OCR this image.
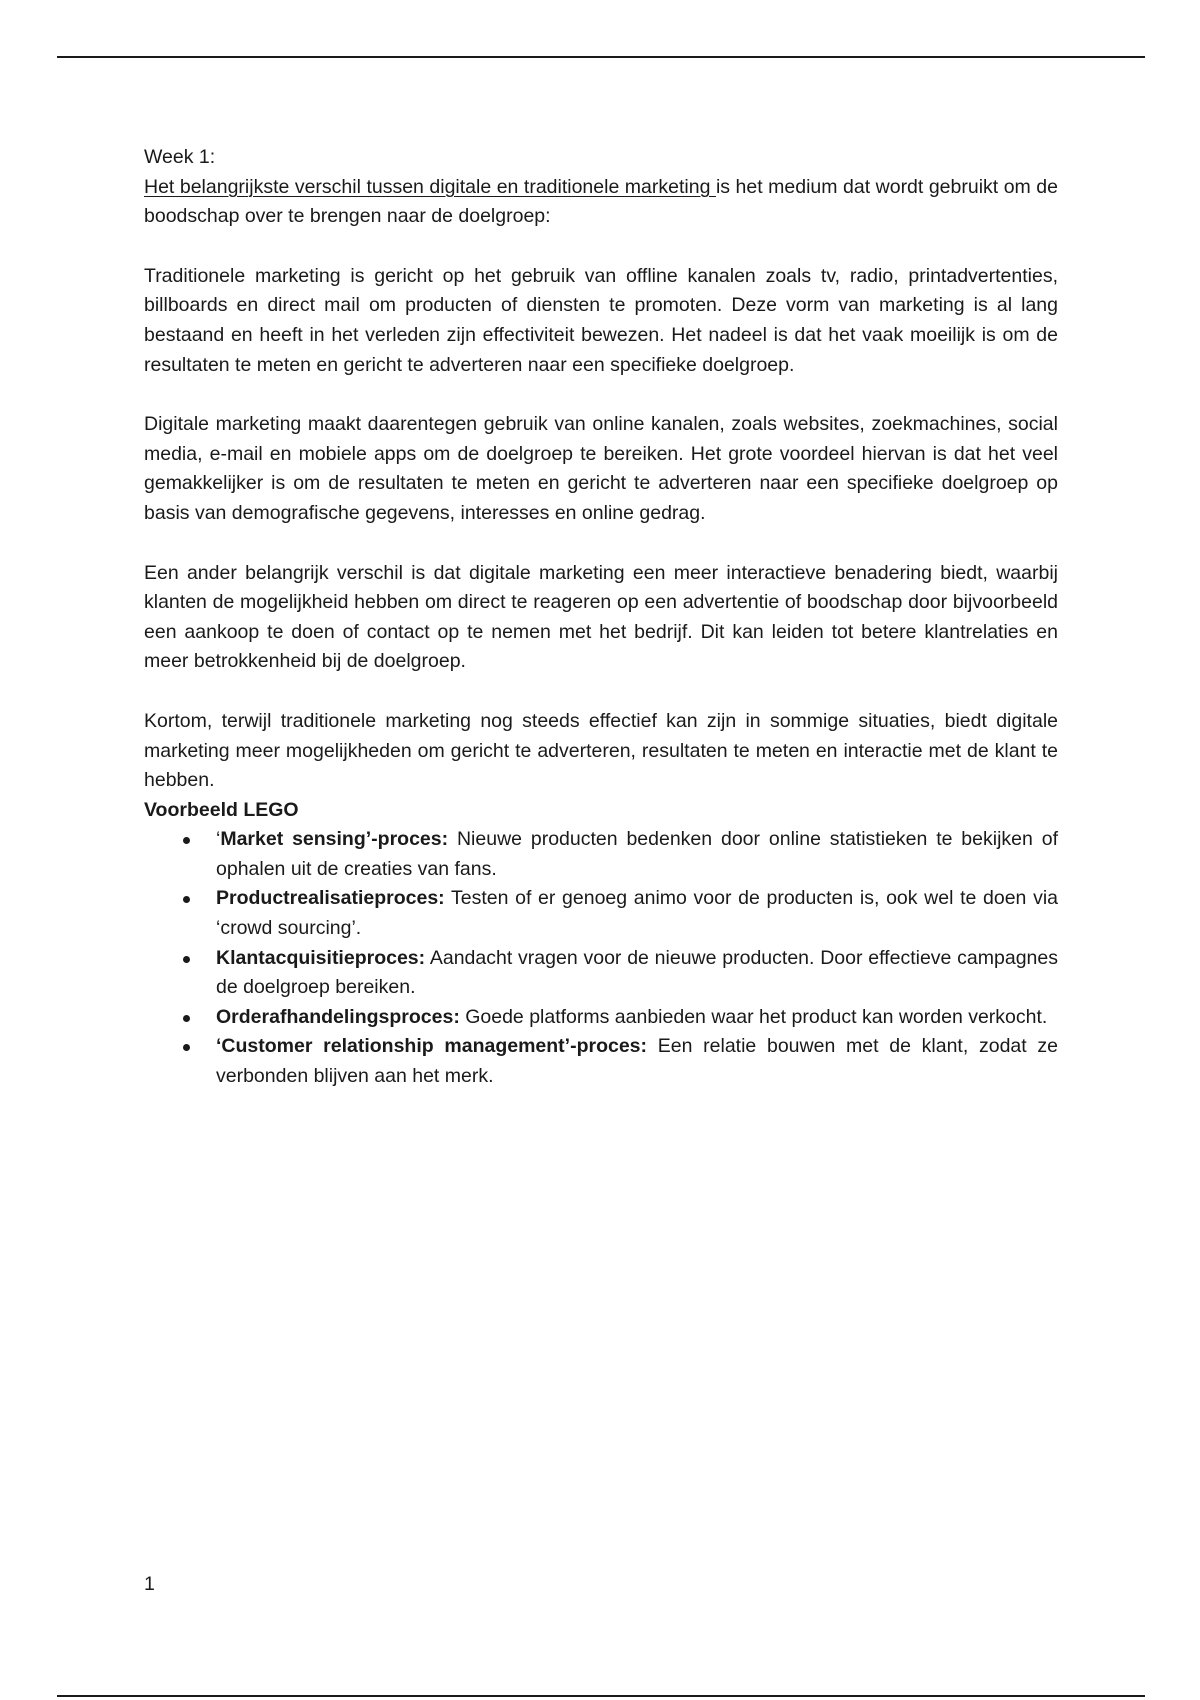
Week 1:

Het belangrijkste verschil tussen digitale en traditionele marketing is het medium dat wordt gebruikt om de boodschap over te brengen naar de doelgroep:

Traditionele marketing is gericht op het gebruik van offline kanalen zoals tv, radio, printadvertenties, billboards en direct mail om producten of diensten te promoten. Deze vorm van marketing is al lang bestaand en heeft in het verleden zijn effectiviteit bewezen. Het nadeel is dat het vaak moeilijk is om de resultaten te meten en gericht te adverteren naar een specifieke doelgroep.

Digitale marketing maakt daarentegen gebruik van online kanalen, zoals websites, zoekmachines, social media, e-mail en mobiele apps om de doelgroep te bereiken. Het grote voordeel hiervan is dat het veel gemakkelijker is om de resultaten te meten en gericht te adverteren naar een specifieke doelgroep op basis van demografische gegevens, interesses en online gedrag.

Een ander belangrijk verschil is dat digitale marketing een meer interactieve benadering biedt, waarbij klanten de mogelijkheid hebben om direct te reageren op een advertentie of boodschap door bijvoorbeeld een aankoop te doen of contact op te nemen met het bedrijf. Dit kan leiden tot betere klantrelaties en meer betrokkenheid bij de doelgroep.

Kortom, terwijl traditionele marketing nog steeds effectief kan zijn in sommige situaties, biedt digitale marketing meer mogelijkheden om gericht te adverteren, resultaten te meten en interactie met de klant te hebben.

Voorbeeld LEGO

‘Market sensing’-proces: Nieuwe producten bedenken door online statistieken te bekijken of ophalen uit de creaties van fans.
Productrealisatieproces: Testen of er genoeg animo voor de producten is, ook wel te doen via ‘crowd sourcing’.
Klantacquisitieproces: Aandacht vragen voor de nieuwe producten. Door effectieve campagnes de doelgroep bereiken.
Orderafhandelingsproces: Goede platforms aanbieden waar het product kan worden verkocht.
‘Customer relationship management’-proces: Een relatie bouwen met de klant, zodat ze verbonden blijven aan het merk.
1
